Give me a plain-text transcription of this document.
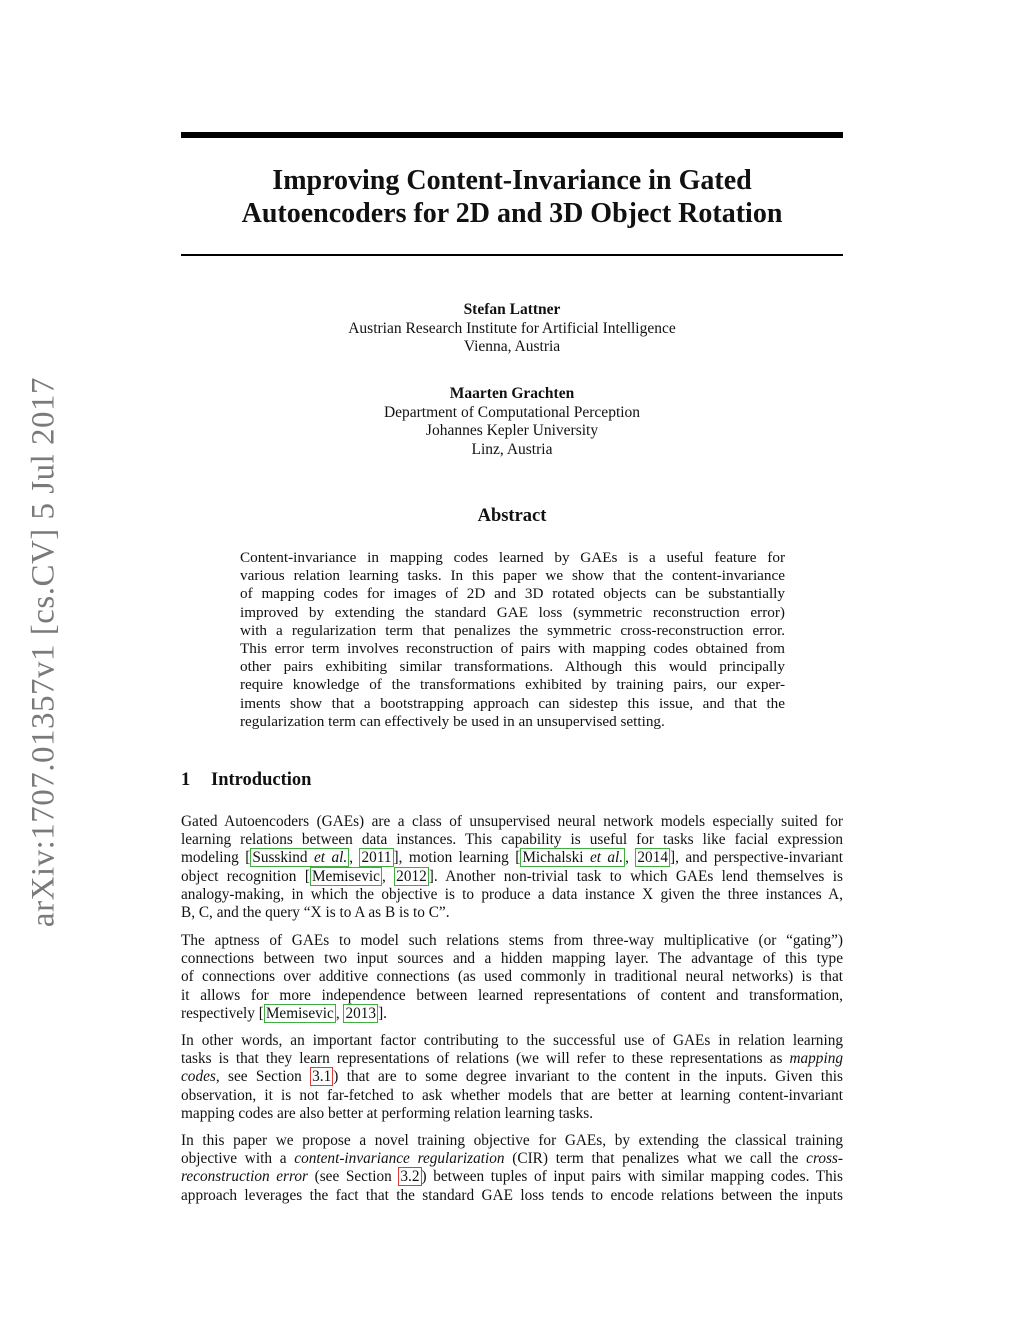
arXiv:1707.01357v1 [cs.CV] 5 Jul 2017
Improving Content-Invariance in Gated
Autoencoders for 2D and 3D Object Rotation
Stefan Lattner
Austrian Research Institute for Artificial Intelligence
Vienna, Austria
Maarten Grachten
Department of Computational Perception
Johannes Kepler University
Linz, Austria
Abstract
Content-invariance in mapping codes learned by GAEs is a useful feature for
various relation learning tasks. In this paper we show that the content-invariance
of mapping codes for images of 2D and 3D rotated objects can be substantially
improved by extending the standard GAE loss (symmetric reconstruction error)
with a regularization term that penalizes the symmetric cross-reconstruction error.
This error term involves reconstruction of pairs with mapping codes obtained from
other pairs exhibiting similar transformations. Although this would principally
require knowledge of the transformations exhibited by training pairs, our exper-
iments show that a bootstrapping approach can sidestep this issue, and that the
regularization term can effectively be used in an unsupervised setting.
1 Introduction
Gated Autoencoders (GAEs) are a class of unsupervised neural network models especially suited for
learning relations between data instances. This capability is useful for tasks like facial expression
modeling [ Susskind et al. , 2011 ], motion learning [ Michalski et al. , 2014 ], and perspective-invariant
object recognition [ Memisevic , 2012 ]. Another non-trivial task to which GAEs lend themselves is
analogy-making, in which the objective is to produce a data instance X given the three instances A,
B, C, and the query “X is to A as B is to C”.
The aptness of GAEs to model such relations stems from three-way multiplicative (or “gating”)
connections between two input sources and a hidden mapping layer. The advantage of this type
of connections over additive connections (as used commonly in traditional neural networks) is that
it allows for more independence between learned representations of content and transformation,
respectively [ Memisevic , 2013 ].
In other words, an important factor contributing to the successful use of GAEs in relation learning
tasks is that they learn representations of relations (we will refer to these representations as mapping
codes, see Section 3.1 ) that are to some degree invariant to the content in the inputs. Given this
observation, it is not far-fetched to ask whether models that are better at learning content-invariant
mapping codes are also better at performing relation learning tasks.
In this paper we propose a novel training objective for GAEs, by extending the classical training
objective with a content-invariance regularization (CIR) term that penalizes what we call the cross-
reconstruction error (see Section 3.2 ) between tuples of input pairs with similar mapping codes. This
approach leverages the fact that the standard GAE loss tends to encode relations between the inputs
